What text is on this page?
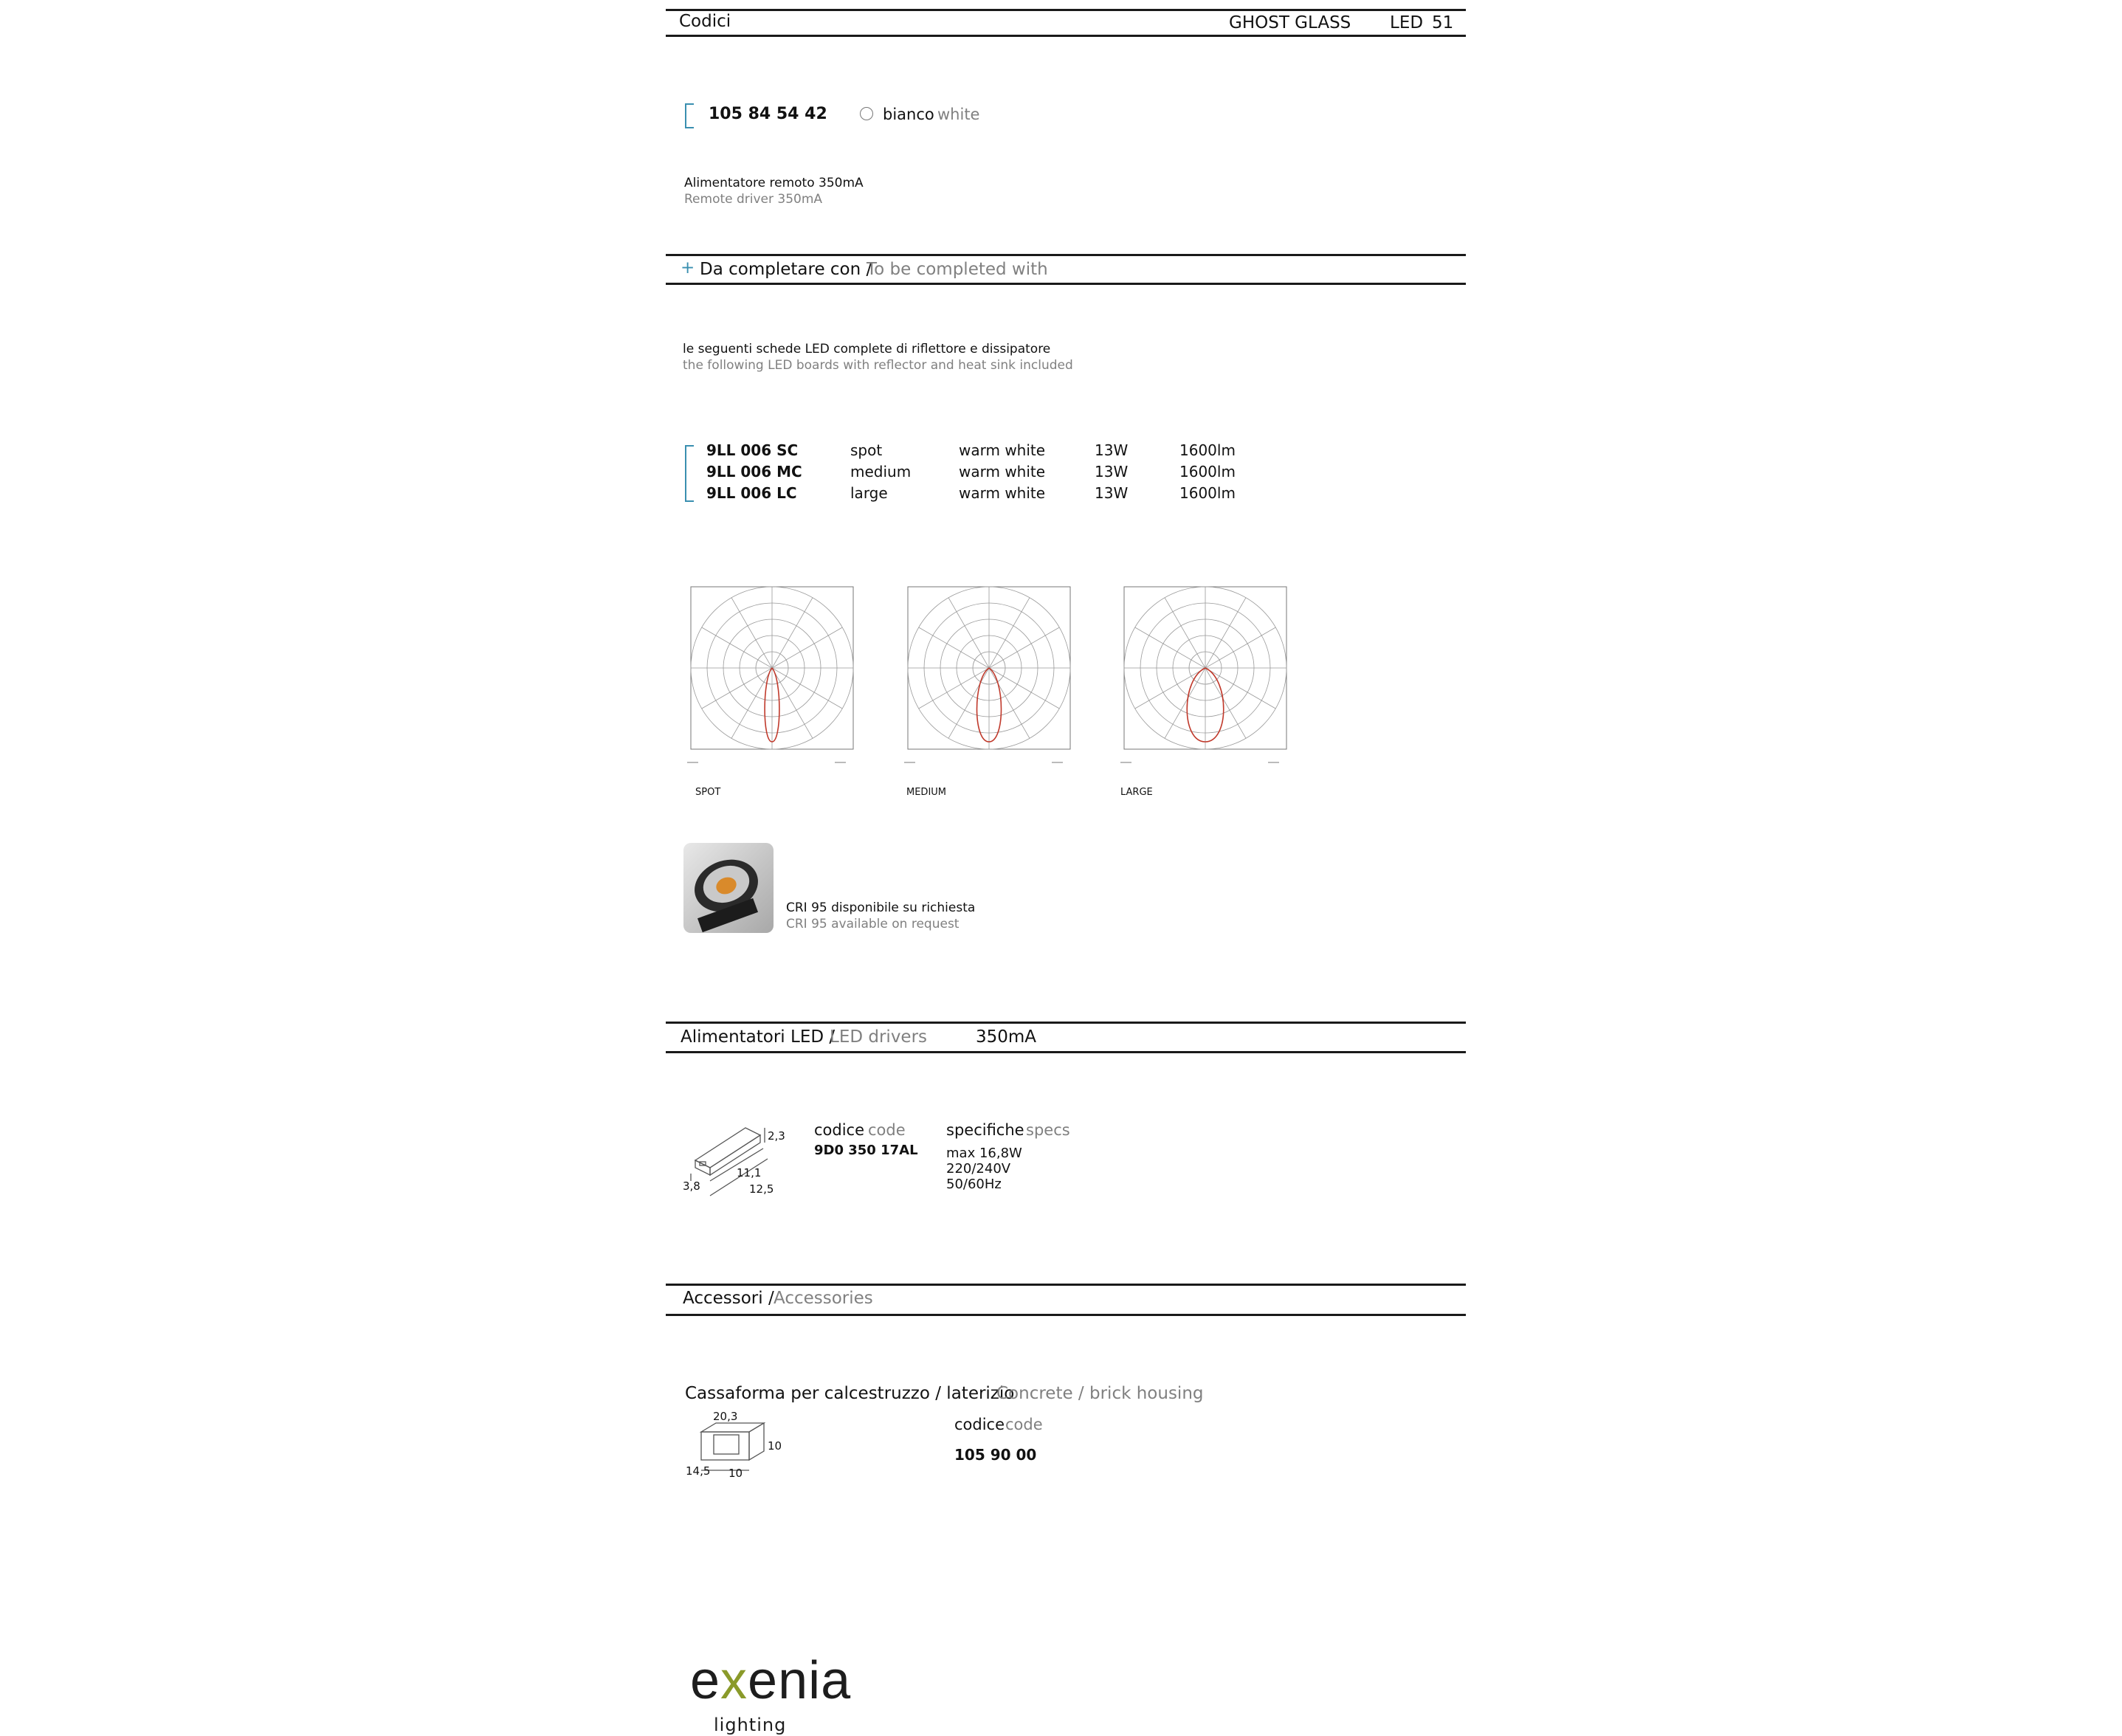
Codici	GHOST GLASS LED 51
105 84 54 42	bianco white
Alimentatore remoto 350mA
Remote driver 350mA
+ Da completare con /
To be completed with
le seguenti schede LED complete di riflettore e dissipatore
the following LED boards with reflector and heat sink included
9LL 006 SC	spot	warm white	13W	1600lm
9LL 006 MC	medium	warm white	13W	1600lm
9LL 006 LC	large	warm white	13W	1600lm
SPOT	MEDIUM	LARGE
CRI 95 disponibile su richiesta
CRI 95 available on request
Alimentatori LED /
LED drivers	350mA
2,3
11,1
3,8	12,5
codice code
9D0 350 17AL
specifiche specs
max 16,8W
220/240V
50/60Hz
Accessori / Accessories
Cassaforma per calcestruzzo / laterizio
Concrete / brick housing
20,3
10
14,5 10
codice code
105 90 00
exenia
lighting
